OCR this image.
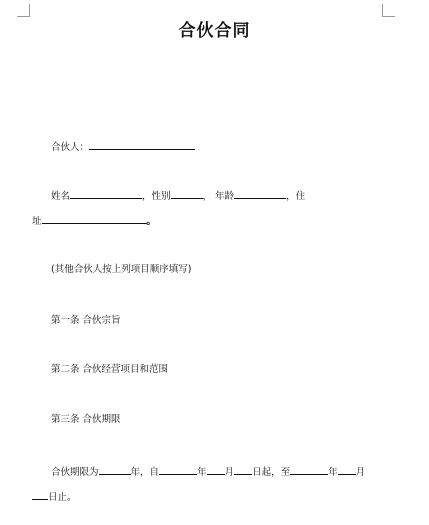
合伙合同
合伙人：
姓名	，性别	， 年龄	，住
址	。
(其他合伙人按上列项目顺序填写)
第一条 合伙宗旨
第二条 合伙经营项目和范围
第三条 合伙期限
合伙期限为	年，自	年 月 日起，至	年 月
日止。
